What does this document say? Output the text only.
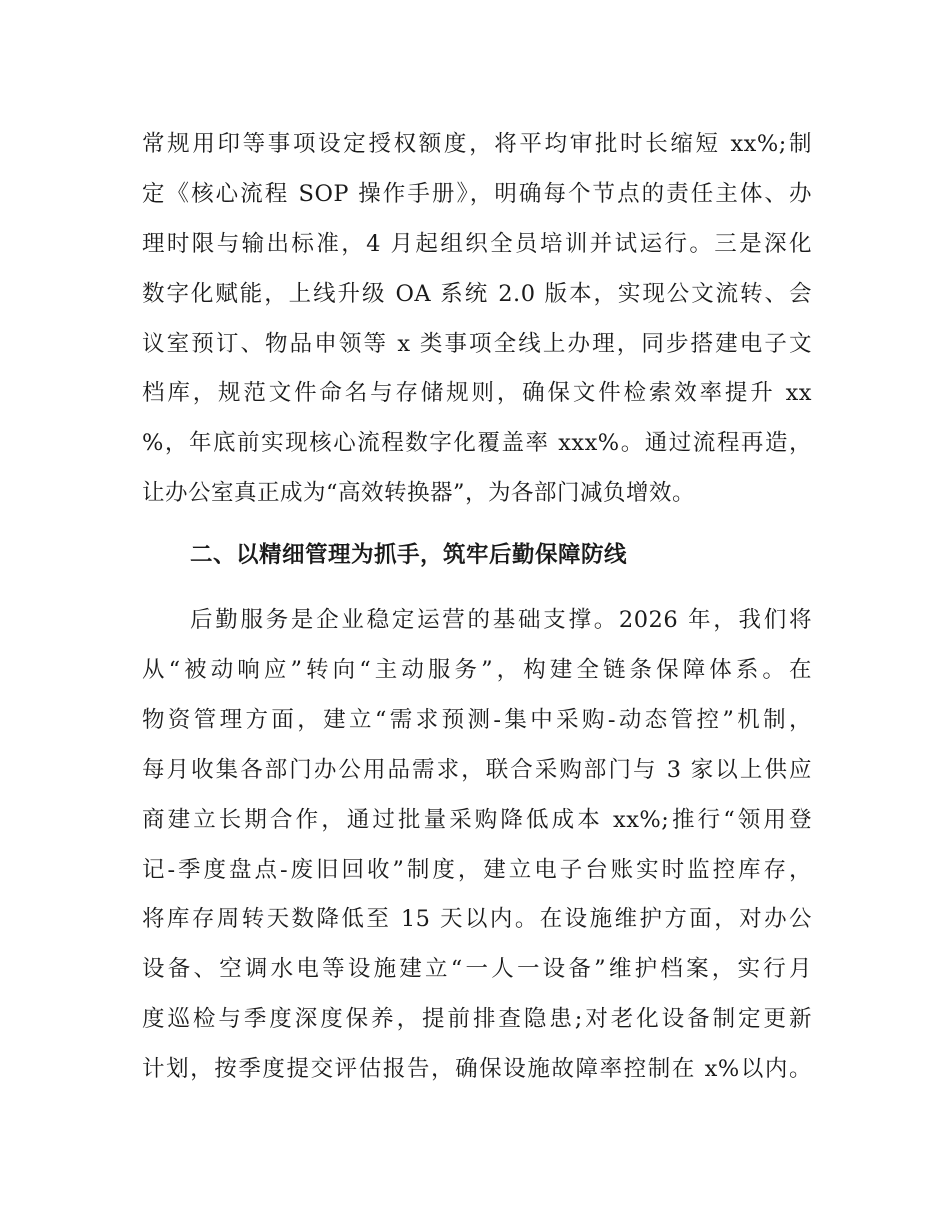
常规用印等事项设定授权额度，将平均审批时长缩短 xx%;制
定《核心流程 SOP 操作手册》，明确每个节点的责任主体、办
理时限与输出标准，4 月起组织全员培训并试运行。三是深化
数字化赋能，上线升级 OA 系统 2.0 版本，实现公文流转、会
议室预订、物品申领等 x 类事项全线上办理，同步搭建电子文
档库，规范文件命名与存储规则，确保文件检索效率提升 xx
%，年底前实现核心流程数字化覆盖率 xxx%。通过流程再造，
让办公室真正成为“高效转换器”，为各部门减负增效。
二、以精细管理为抓手，筑牢后勤保障防线
后勤服务是企业稳定运营的基础支撑。2026 年，我们将
从“被动响应”转向“主动服务”，构建全链条保障体系。在
物资管理方面，建立“需求预测-集中采购-动态管控”机制，
每月收集各部门办公用品需求，联合采购部门与 3 家以上供应
商建立长期合作，通过批量采购降低成本 xx%;推行“领用登
记-季度盘点-废旧回收”制度，建立电子台账实时监控库存，
将库存周转天数降低至 15 天以内。在设施维护方面，对办公
设备、空调水电等设施建立“一人一设备”维护档案，实行月
度巡检与季度深度保养，提前排查隐患;对老化设备制定更新
计划，按季度提交评估报告，确保设施故障率控制在 x%以内。
